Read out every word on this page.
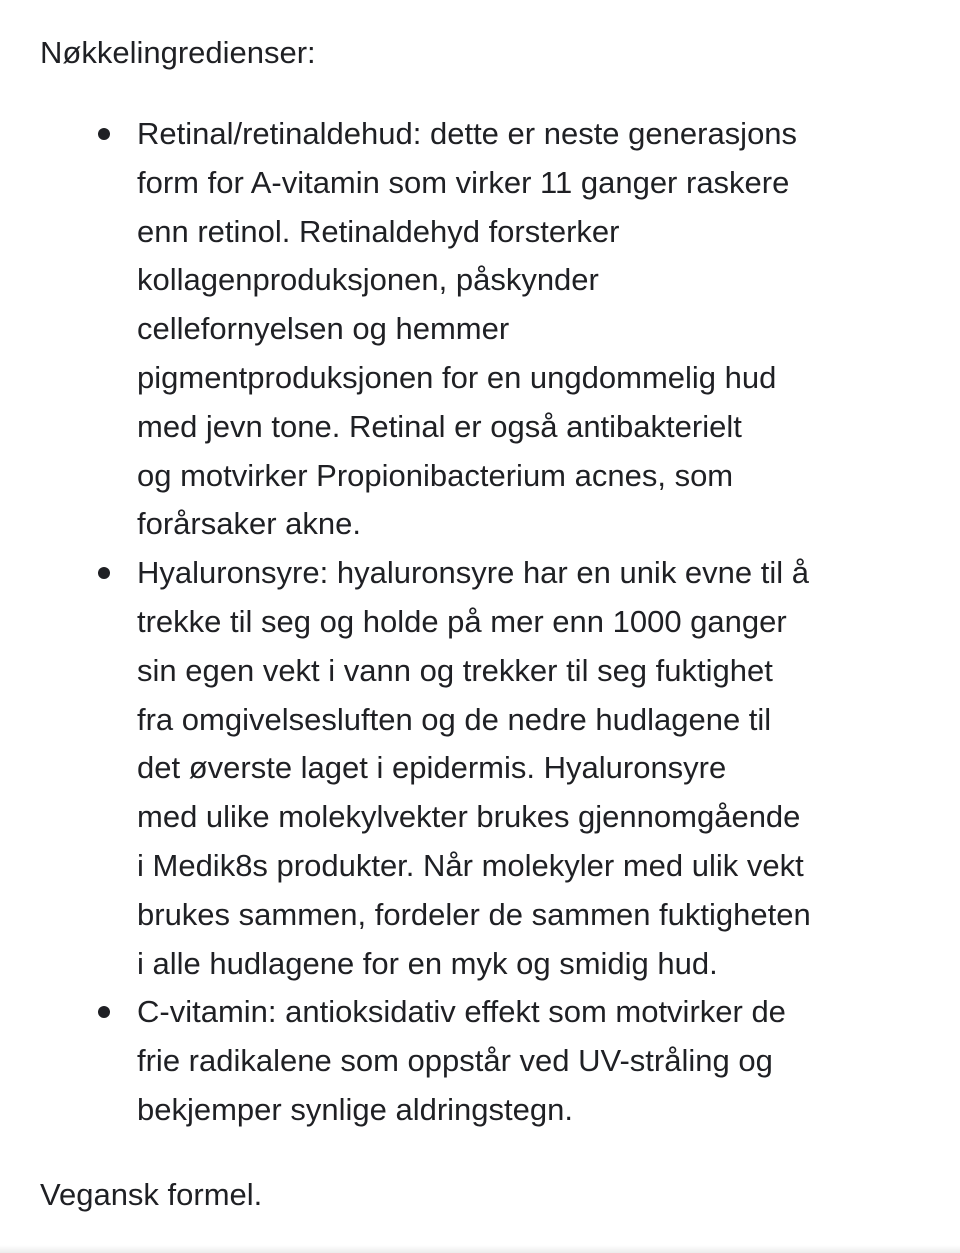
Nøkkelingredienser:

Retinal/retinaldehud: dette er neste generasjons
form for A-vitamin som virker 11 ganger raskere
enn retinol. Retinaldehyd forsterker
kollagenproduksjonen, påskynder
cellefornyelsen og hemmer
pigmentproduksjonen for en ungdommelig hud
med jevn tone. Retinal er også antibakterielt
og motvirker Propionibacterium acnes, som
forårsaker akne.
Hyaluronsyre: hyaluronsyre har en unik evne til å
trekke til seg og holde på mer enn 1000 ganger
sin egen vekt i vann og trekker til seg fuktighet
fra omgivelsesluften og de nedre hudlagene til
det øverste laget i epidermis. Hyaluronsyre
med ulike molekylvekter brukes gjennomgående
i Medik8s produkter. Når molekyler med ulik vekt
brukes sammen, fordeler de sammen fuktigheten
i alle hudlagene for en myk og smidig hud.
C-vitamin: antioksidativ effekt som motvirker de
frie radikalene som oppstår ved UV-stråling og
bekjemper synlige aldringstegn.

Vegansk formel.
